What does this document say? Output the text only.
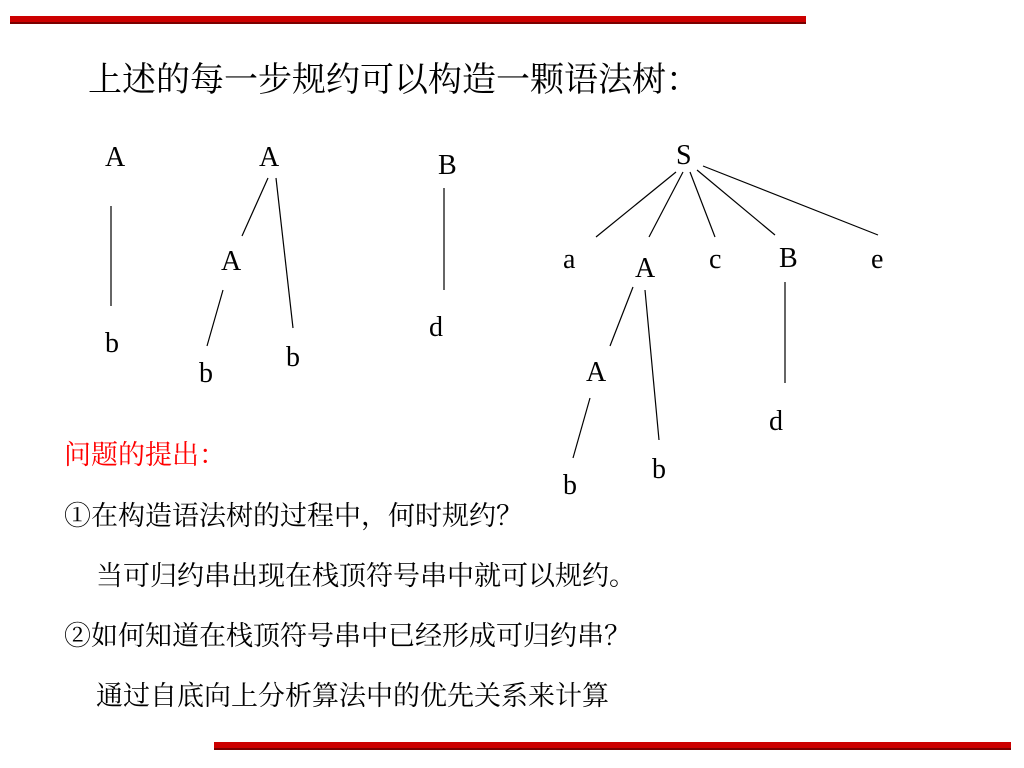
上述的每一步规约可以构造一颗语法树：
A
b
A
A
b
b
B
d
S
a A c B	e
A
d
b
b
问题的提出：
①在构造语法树的过程中，何时规约？
当可归约串出现在栈顶符号串中就可以规约。
②如何知道在栈顶符号串中已经形成可归约串？
通过自底向上分析算法中的优先关系来计算
